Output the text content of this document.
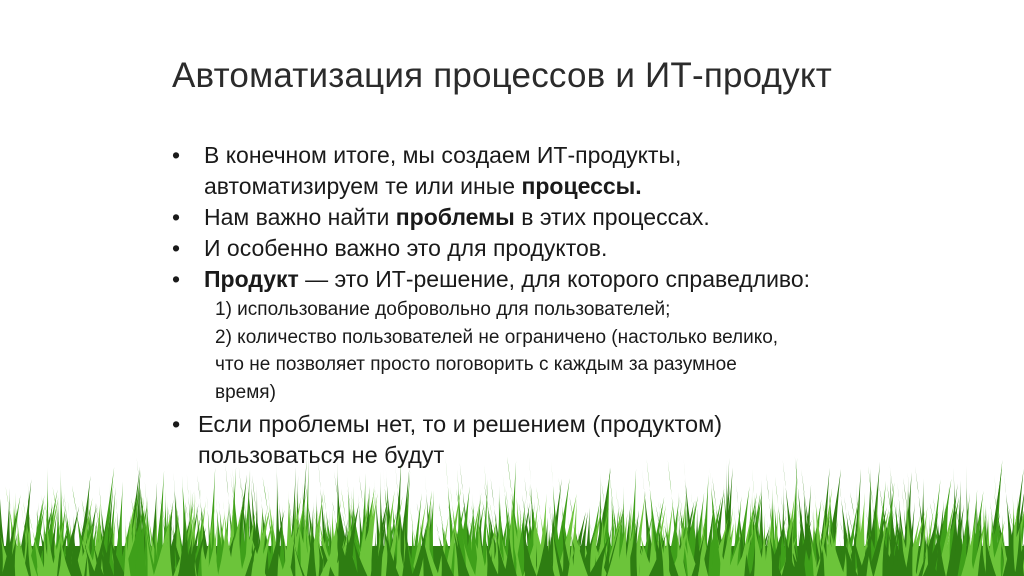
Автоматизация процессов и ИТ-продукт
•	В конечном итоге, мы создаем ИТ-продукты,
автоматизируем те или иные процессы.
•	Нам важно найти проблемы в этих процессах.
•	И особенно важно это для продуктов.
•	Продукт — это ИТ-решение, для которого справедливо:
1) использование добровольно для пользователей;
2) количество пользователей не ограничено (настолько велико,
что не позволяет просто поговорить с каждым за разумное
время)
• Если проблемы нет, то и решением (продуктом)
пользоваться не будут
